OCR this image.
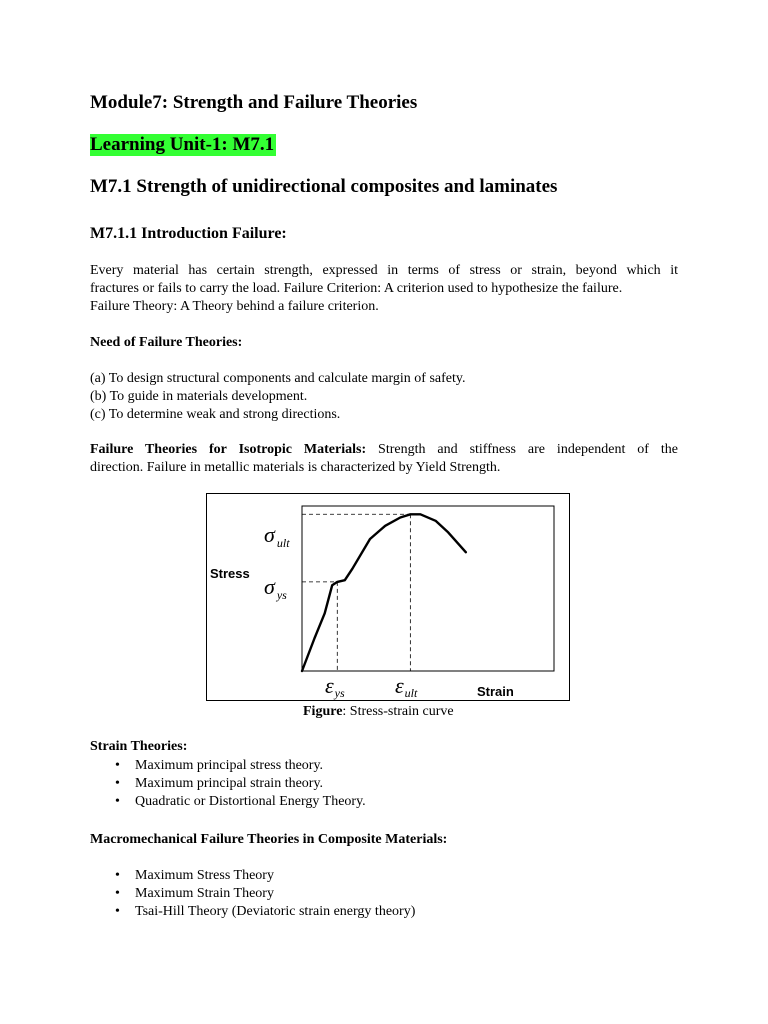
Module7: Strength and Failure Theories
Learning Unit-1: M7.1
M7.1 Strength of unidirectional composites and laminates
M7.1.1 Introduction Failure:
Every material has certain strength, expressed in terms of stress or strain, beyond which it
fractures or fails to carry the load. Failure Criterion: A criterion used to hypothesize the failure.
Failure Theory: A Theory behind a failure criterion.
Need of Failure Theories:
(a) To design structural components and calculate margin of safety.
(b) To guide in materials development.
(c) To determine weak and strong directions.
Failure Theories for Isotropic Materials: Strength and stiffness are independent of the
direction. Failure in metallic materials is characterized by Yield Strength.
Stress
Strain
σ $_{ult}$
σ $_{ys}$
εys εult
Figure: Stress-strain curve
Strain Theories:
• Maximum principal stress theory.
• Maximum principal strain theory.
• Quadratic or Distortional Energy Theory.
Macromechanical Failure Theories in Composite Materials:
• Maximum Stress Theory
• Maximum Strain Theory
• Tsai-Hill Theory (Deviatoric strain energy theory)
